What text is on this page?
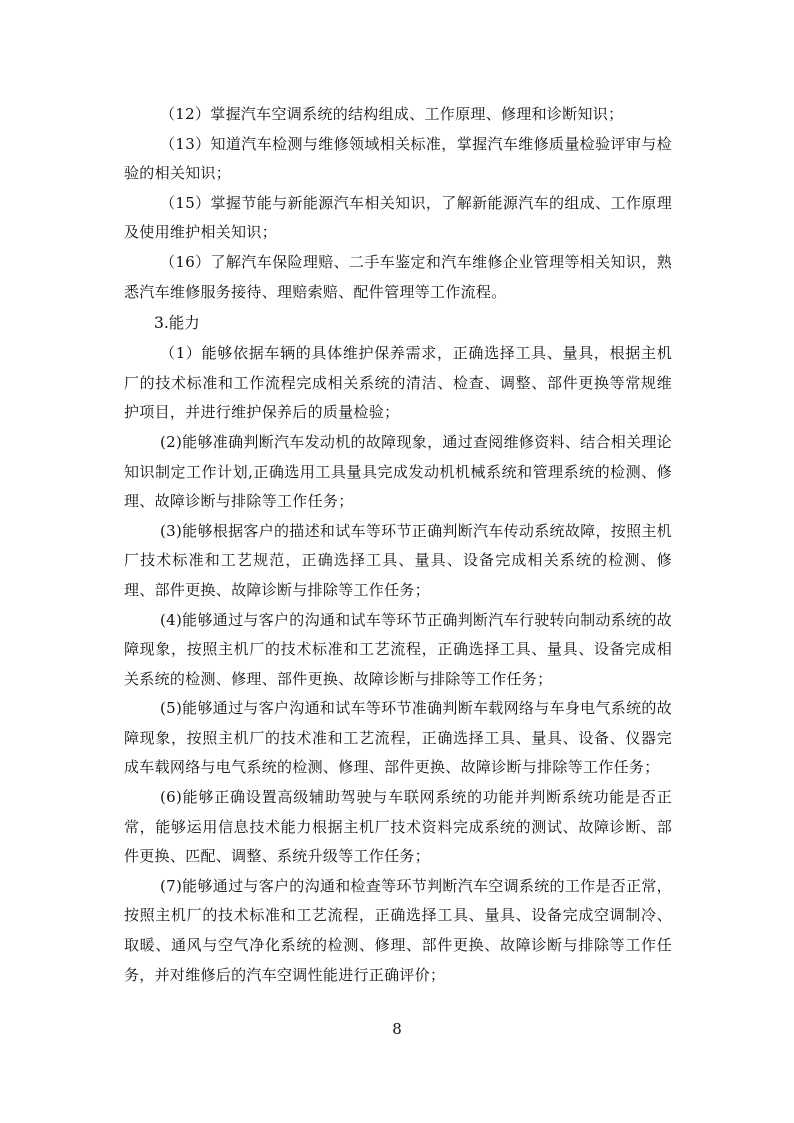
（12）掌握汽车空调系统的结构组成、工作原理、修理和诊断知识；

（13）知道汽车检测与维修领域相关标准，掌握汽车维修质量检验评审与检验的相关知识；

（15）掌握节能与新能源汽车相关知识，了解新能源汽车的组成、工作原理及使用维护相关知识；

（16）了解汽车保险理赔、二手车鉴定和汽车维修企业管理等相关知识，熟悉汽车维修服务接待、理赔索赔、配件管理等工作流程。

3.能力

（1）能够依据车辆的具体维护保养需求，正确选择工具、量具，根据主机厂的技术标准和工作流程完成相关系统的清洁、检查、调整、部件更换等常规维护项目，并进行维护保养后的质量检验；

(2)能够准确判断汽车发动机的故障现象，通过查阅维修资料、结合相关理论知识制定工作计划,正确选用工具量具完成发动机机械系统和管理系统的检测、修理、故障诊断与排除等工作任务；

(3)能够根据客户的描述和试车等环节正确判断汽车传动系统故障，按照主机厂技术标准和工艺规范，正确选择工具、量具、设备完成相关系统的检测、修理、部件更换、故障诊断与排除等工作任务；

(4)能够通过与客户的沟通和试车等环节正确判断汽车行驶转向制动系统的故障现象，按照主机厂的技术标准和工艺流程，正确选择工具、量具、设备完成相关系统的检测、修理、部件更换、故障诊断与排除等工作任务；

(5)能够通过与客户沟通和试车等环节准确判断车载网络与车身电气系统的故障现象，按照主机厂的技术准和工艺流程，正确选择工具、量具、设备、仪器完成车载网络与电气系统的检测、修理、部件更换、故障诊断与排除等工作任务；

(6)能够正确设置高级辅助驾驶与车联网系统的功能并判断系统功能是否正常，能够运用信息技术能力根据主机厂技术资料完成系统的测试、故障诊断、部件更换、匹配、调整、系统升级等工作任务；

(7)能够通过与客户的沟通和检查等环节判断汽车空调系统的工作是否正常，按照主机厂的技术标准和工艺流程，正确选择工具、量具、设备完成空调制冷、取暖、通风与空气净化系统的检测、修理、部件更换、故障诊断与排除等工作任务，并对维修后的汽车空调性能进行正确评价；

8
